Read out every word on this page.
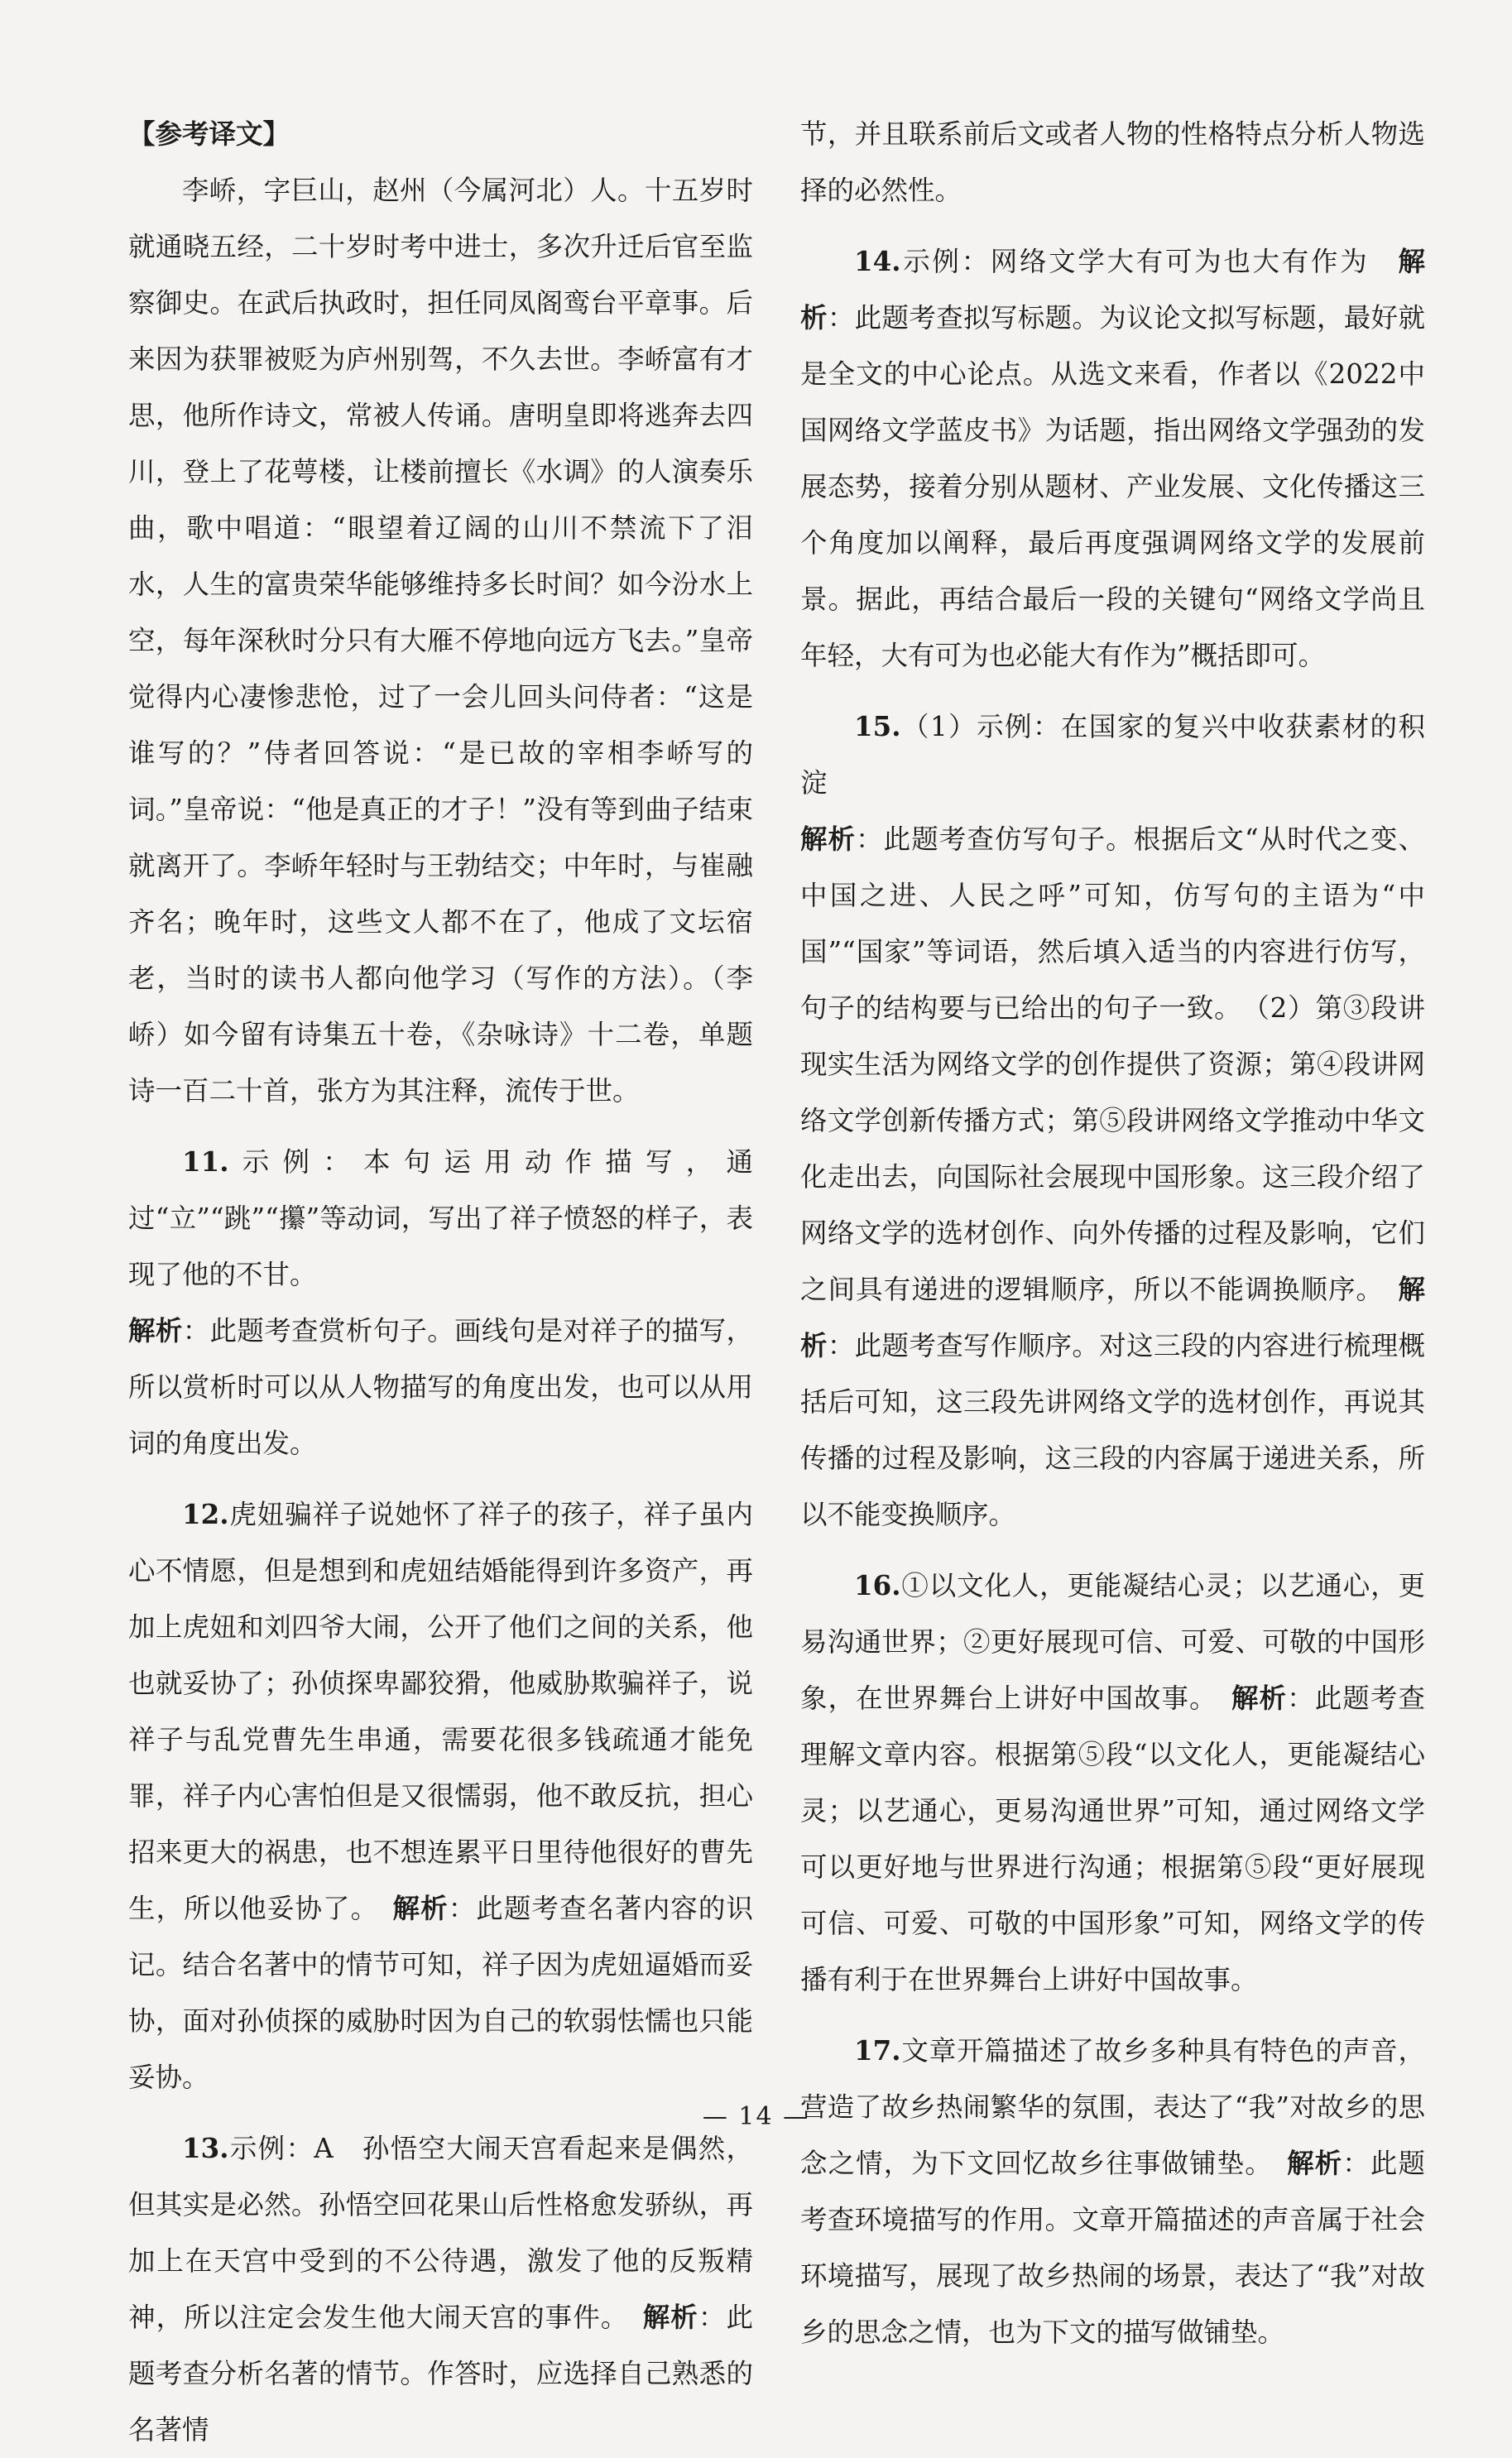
【参考译文】

李峤，字巨山，赵州（今属河北）人。十五岁时就通晓五经，二十岁时考中进士，多次升迁后官至监察御史。在武后执政时，担任同凤阁鸾台平章事。后来因为获罪被贬为庐州别驾，不久去世。李峤富有才思，他所作诗文，常被人传诵。唐明皇即将逃奔去四川，登上了花萼楼，让楼前擅长《水调》的人演奏乐曲，歌中唱道：“眼望着辽阔的山川不禁流下了泪水，人生的富贵荣华能够维持多长时间？如今汾水上空，每年深秋时分只有大雁不停地向远方飞去。”皇帝觉得内心凄惨悲怆，过了一会儿回头问侍者：“这是谁写的？”侍者回答说：“是已故的宰相李峤写的词。”皇帝说：“他是真正的才子！”没有等到曲子结束就离开了。李峤年轻时与王勃结交；中年时，与崔融齐名；晚年时，这些文人都不在了，他成了文坛宿老，当时的读书人都向他学习（写作的方法）。（李峤）如今留有诗集五十卷，《杂咏诗》十二卷，单题诗一百二十首，张方为其注释，流传于世。

11.示例：本句运用动作描写，通过“立”“跳”“攥”等动词，写出了祥子愤怒的样子，表现了他的不甘。

解析：此题考查赏析句子。画线句是对祥子的描写，所以赏析时可以从人物描写的角度出发，也可以从用词的角度出发。

12.虎妞骗祥子说她怀了祥子的孩子，祥子虽内心不情愿，但是想到和虎妞结婚能得到许多资产，再加上虎妞和刘四爷大闹，公开了他们之间的关系，他也就妥协了；孙侦探卑鄙狡猾，他威胁欺骗祥子，说祥子与乱党曹先生串通，需要花很多钱疏通才能免罪，祥子内心害怕但是又很懦弱，他不敢反抗，担心招来更大的祸患，也不想连累平日里待他很好的曹先生，所以他妥协了。　 解析：此题考查名著内容的识记。结合名著中的情节可知，祥子因为虎妞逼婚而妥协，面对孙侦探的威胁时因为自己的软弱怯懦也只能妥协。

13.示例：A　孙悟空大闹天宫看起来是偶然，但其实是必然。孙悟空回花果山后性格愈发骄纵，再加上在天宫中受到的不公待遇，激发了他的反叛精神，所以注定会发生他大闹天宫的事件。　 解析：此题考查分析名著的情节。作答时，应选择自己熟悉的名著情

节，并且联系前后文或者人物的性格特点分析人物选择的必然性。

14.示例：网络文学大有可为也大有作为　 解析：此题考查拟写标题。为议论文拟写标题，最好就是全文的中心论点。从选文来看，作者以《2022中国网络文学蓝皮书》为话题，指出网络文学强劲的发展态势，接着分别从题材、产业发展、文化传播这三个角度加以阐释，最后再度强调网络文学的发展前景。据此，再结合最后一段的关键句“网络文学尚且年轻，大有可为也必能大有作为”概括即可。

15.（1）示例：在国家的复兴中收获素材的积淀

解析：此题考查仿写句子。根据后文“从时代之变、中国之进、人民之呼”可知，仿写句的主语为“中国”“国家”等词语，然后填入适当的内容进行仿写，句子的结构要与已给出的句子一致。　（2）第③段讲现实生活为网络文学的创作提供了资源；第④段讲网络文学创新传播方式；第⑤段讲网络文学推动中华文化走出去，向国际社会展现中国形象。这三段介绍了网络文学的选材创作、向外传播的过程及影响，它们之间具有递进的逻辑顺序，所以不能调换顺序。　 解析：此题考查写作顺序。对这三段的内容进行梳理概括后可知，这三段先讲网络文学的选材创作，再说其传播的过程及影响，这三段的内容属于递进关系，所以不能变换顺序。

16.①以文化人，更能凝结心灵；以艺通心，更易沟通世界；②更好展现可信、可爱、可敬的中国形象，在世界舞台上讲好中国故事。　 解析：此题考查理解文章内容。根据第⑤段“以文化人，更能凝结心灵；以艺通心，更易沟通世界”可知，通过网络文学可以更好地与世界进行沟通；根据第⑤段“更好展现可信、可爱、可敬的中国形象”可知，网络文学的传播有利于在世界舞台上讲好中国故事。

17.文章开篇描述了故乡多种具有特色的声音，营造了故乡热闹繁华的氛围，表达了“我”对故乡的思念之情，为下文回忆故乡往事做铺垫。　 解析：此题考查环境描写的作用。文章开篇描述的声音属于社会环境描写，展现了故乡热闹的场景，表达了“我”对故乡的思念之情，也为下文的描写做铺垫。

— 14 —
